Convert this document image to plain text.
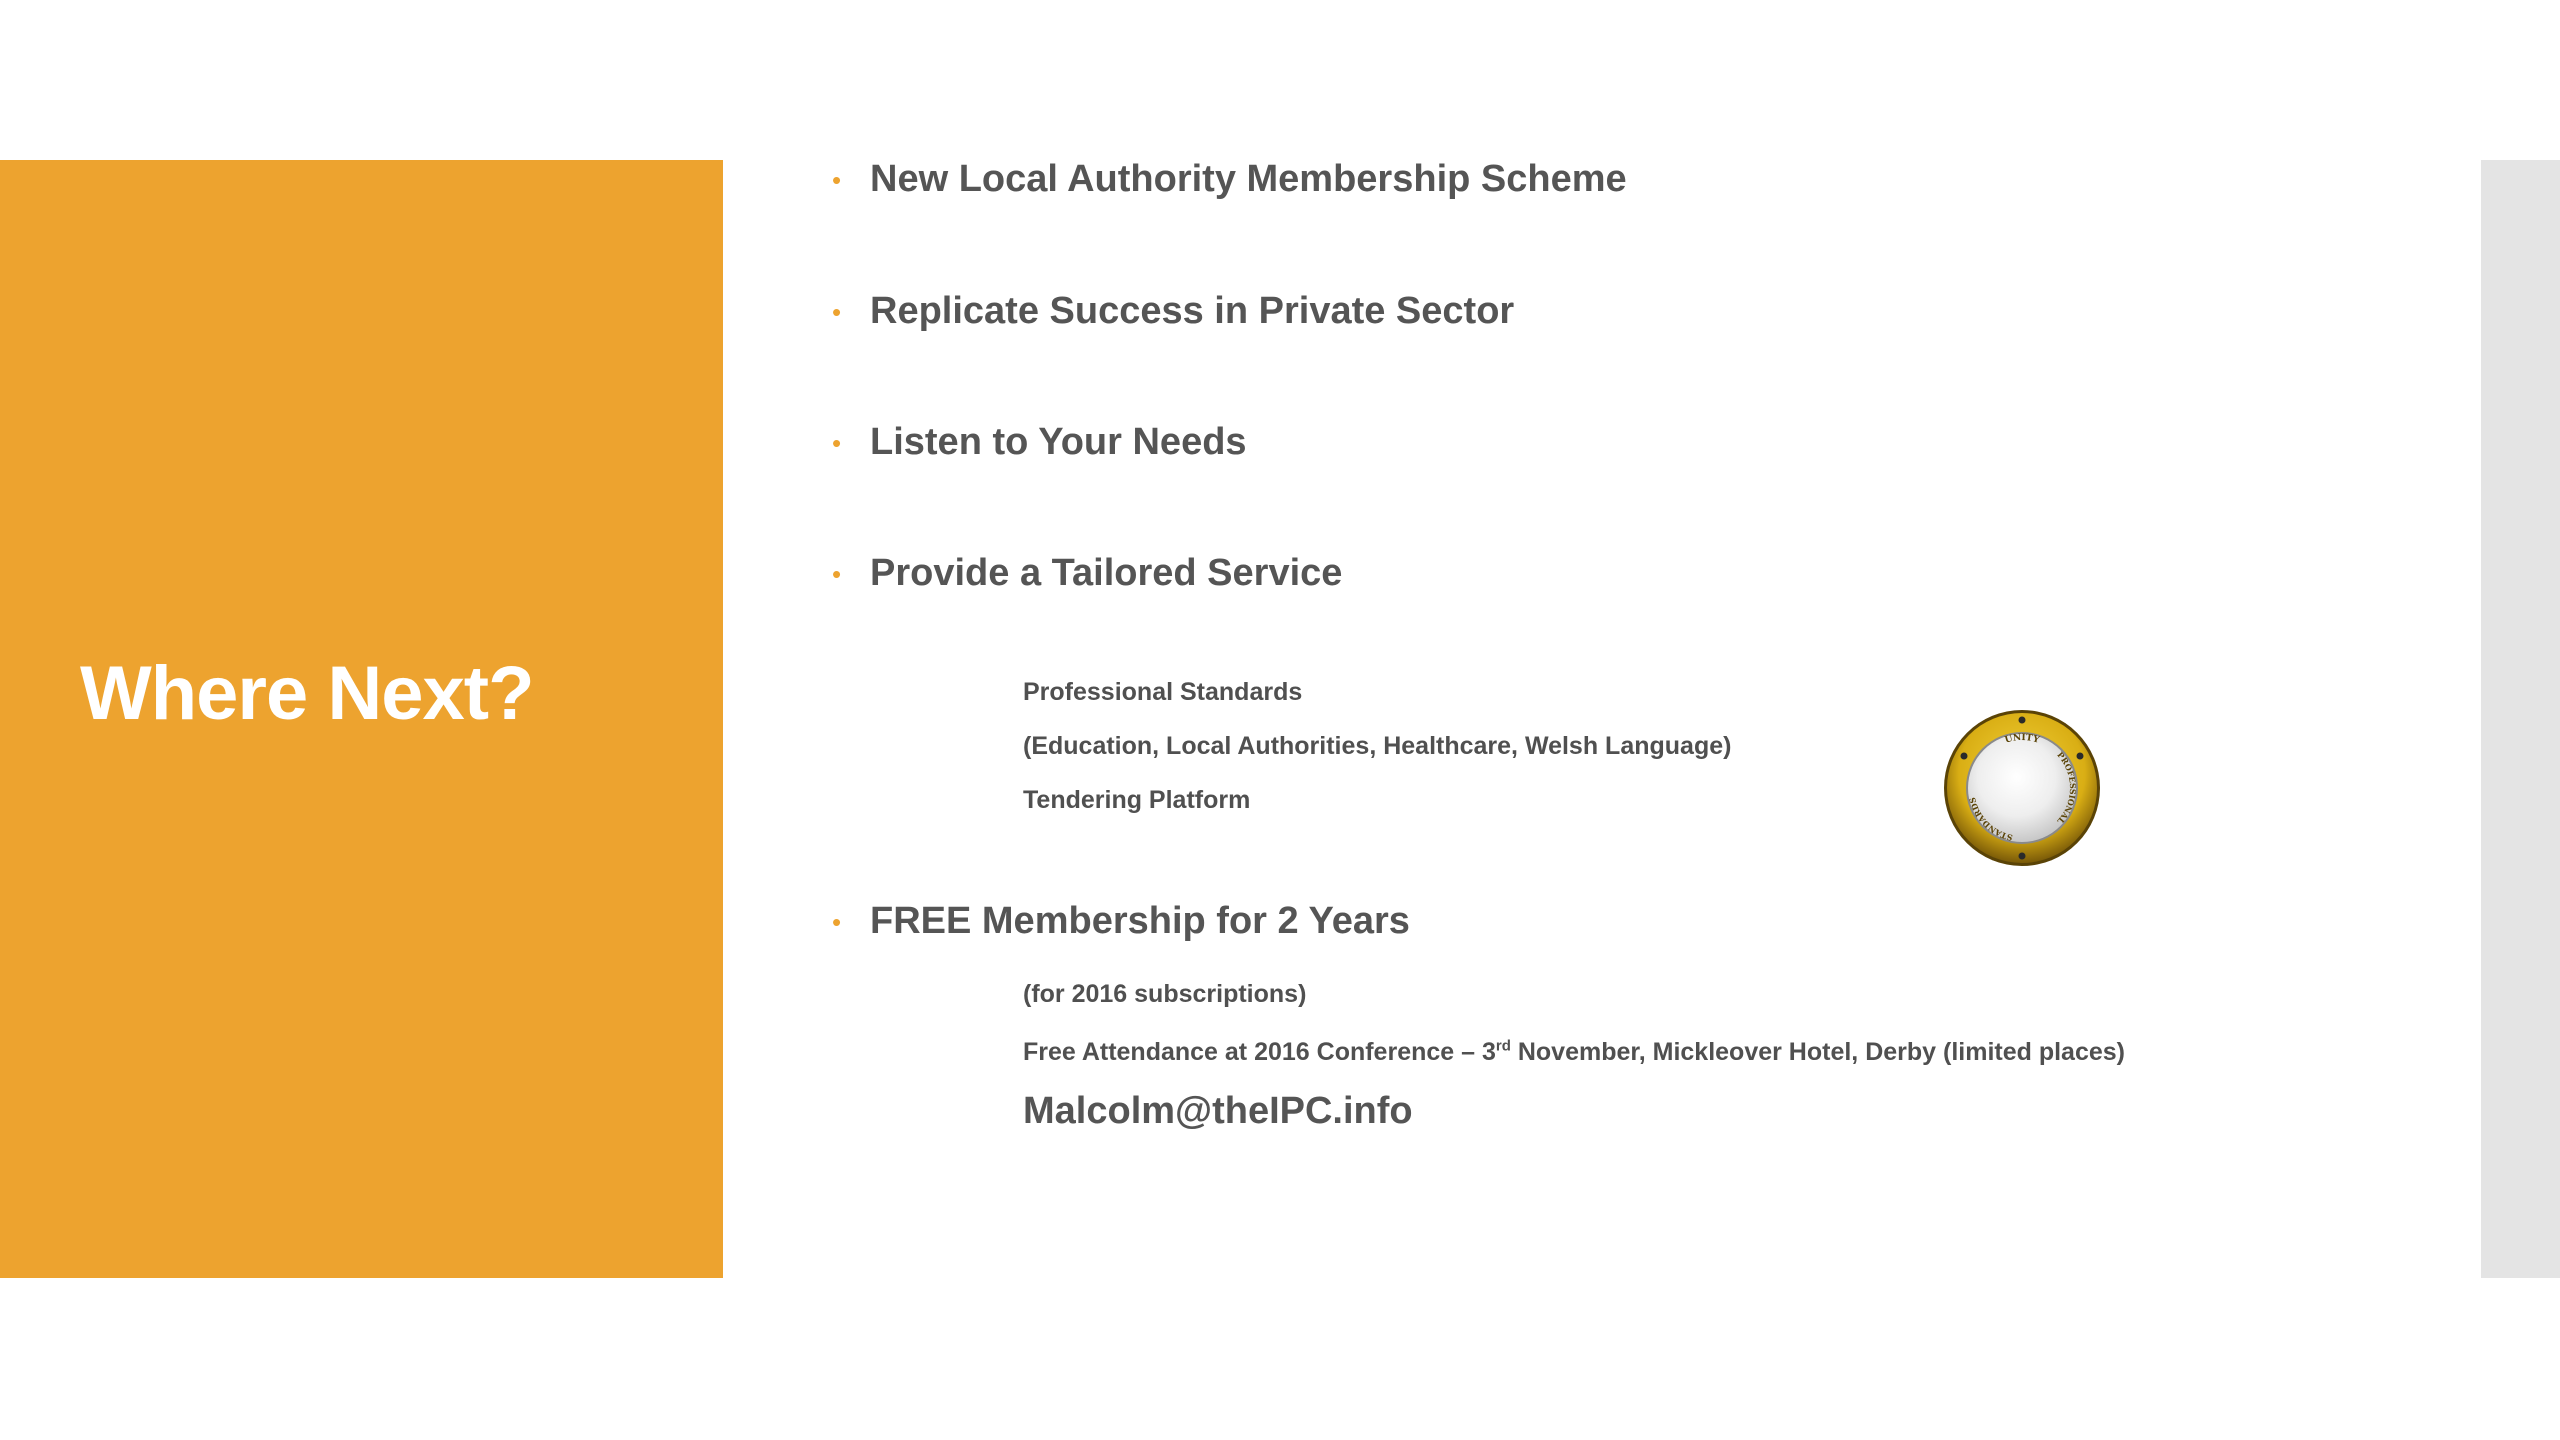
Where Next?
• New Local Authority Membership Scheme
• Replicate Success in Private Sector
• Listen to Your Needs
• Provide a Tailored Service
Professional Standards
(Education, Local Authorities, Healthcare, Welsh Language)
Tendering Platform
UNITY
PROFESSIONAL
STANDARDS
• FREE Membership for 2 Years
(for 2016 subscriptions)
Free Attendance at 2016 Conference – 3rd November, Mickleover Hotel, Derby (limited places)
Malcolm@theIPC.info
